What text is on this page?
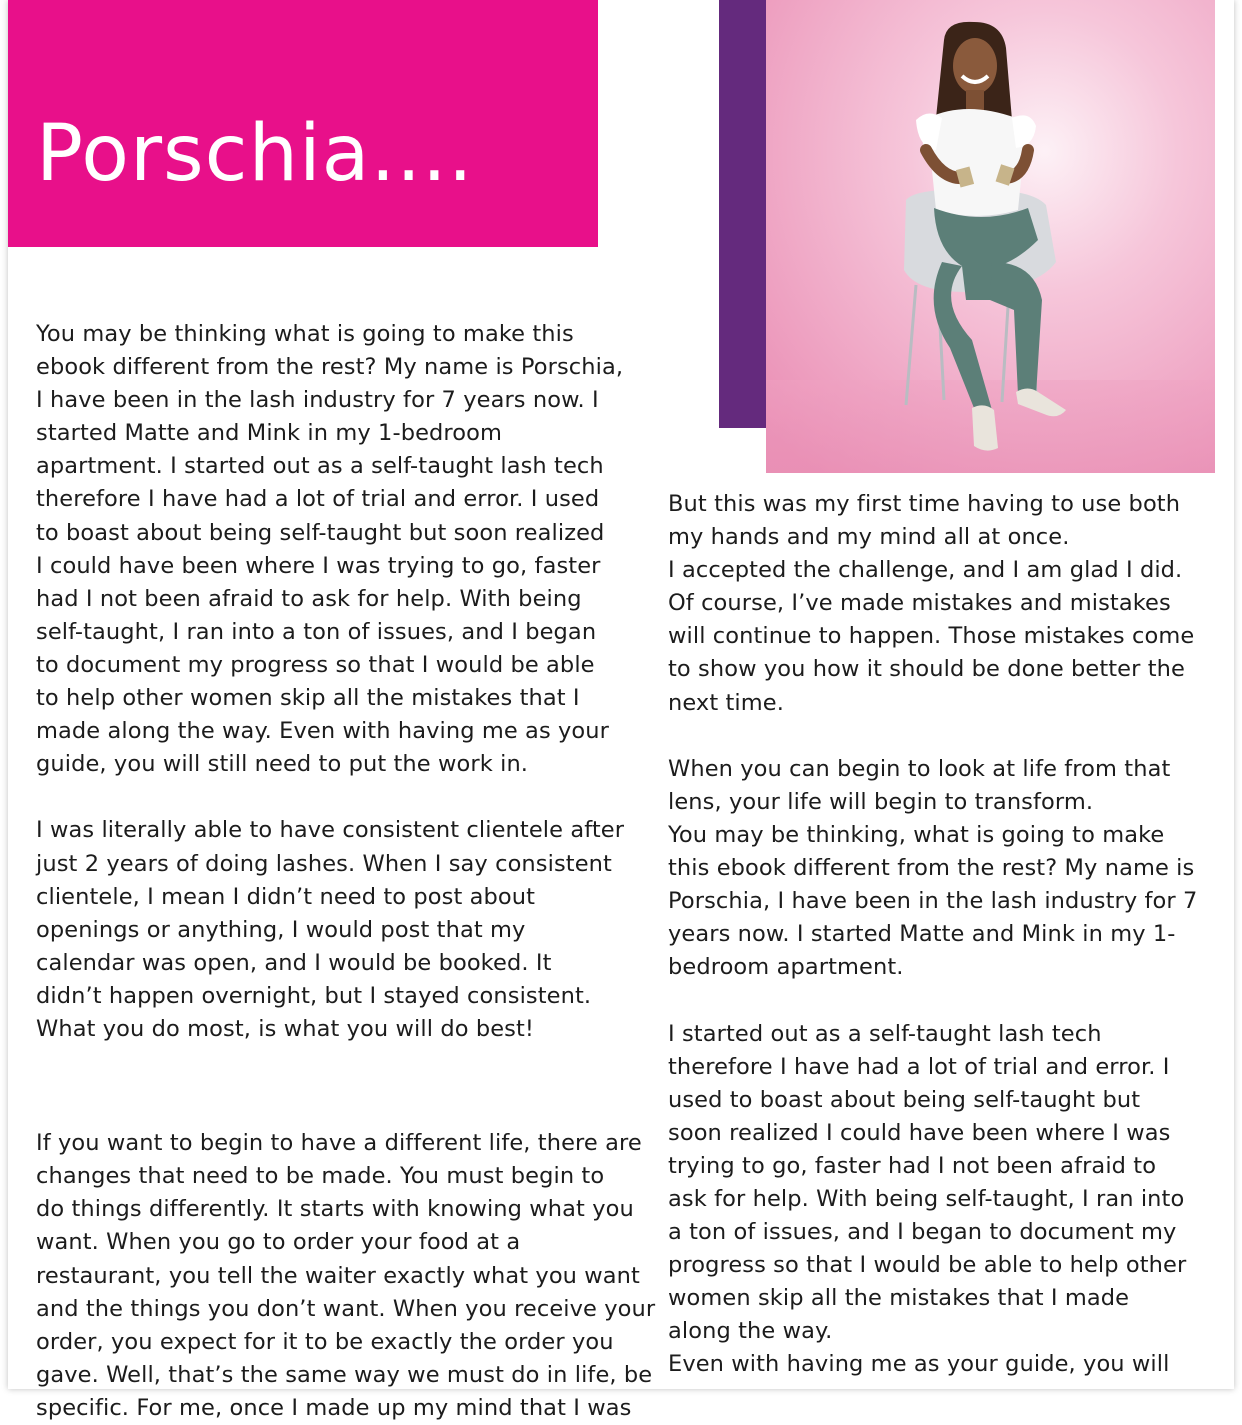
Porschia....

You may be thinking what is going to make this
ebook different from the rest? My name is Porschia,
I have been in the lash industry for 7 years now. I
started Matte and Mink in my 1-bedroom
apartment. I started out as a self-taught lash tech
therefore I have had a lot of trial and error. I used
to boast about being self-taught but soon realized
I could have been where I was trying to go, faster
had I not been afraid to ask for help. With being
self-taught, I ran into a ton of issues, and I began
to document my progress so that I would be able
to help other women skip all the mistakes that I
made along the way. Even with having me as your
guide, you will still need to put the work in.

I was literally able to have consistent clientele after
just 2 years of doing lashes. When I say consistent
clientele, I mean I didn’t need to post about
openings or anything, I would post that my
calendar was open, and I would be booked. It
didn’t happen overnight, but I stayed consistent.
What you do most, is what you will do best!

If you want to begin to have a different life, there are
changes that need to be made. You must begin to
do things differently. It starts with knowing what you
want. When you go to order your food at a
restaurant, you tell the waiter exactly what you want
and the things you don’t want. When you receive your
order, you expect for it to be exactly the order you
gave. Well, that’s the same way we must do in life, be
specific. For me, once I made up my mind that I was

But this was my first time having to use both
my hands and my mind all at once.
I accepted the challenge, and I am glad I did.
Of course, I’ve made mistakes and mistakes
will continue to happen. Those mistakes come
to show you how it should be done better the
next time.

When you can begin to look at life from that
lens, your life will begin to transform.
You may be thinking, what is going to make
this ebook different from the rest? My name is
Porschia, I have been in the lash industry for 7
years now. I started Matte and Mink in my 1-
bedroom apartment.

I started out as a self-taught lash tech
therefore I have had a lot of trial and error. I
used to boast about being self-taught but
soon realized I could have been where I was
trying to go, faster had I not been afraid to
ask for help. With being self-taught, I ran into
a ton of issues, and I began to document my
progress so that I would be able to help other
women skip all the mistakes that I made
along the way.
Even with having me as your guide, you will
